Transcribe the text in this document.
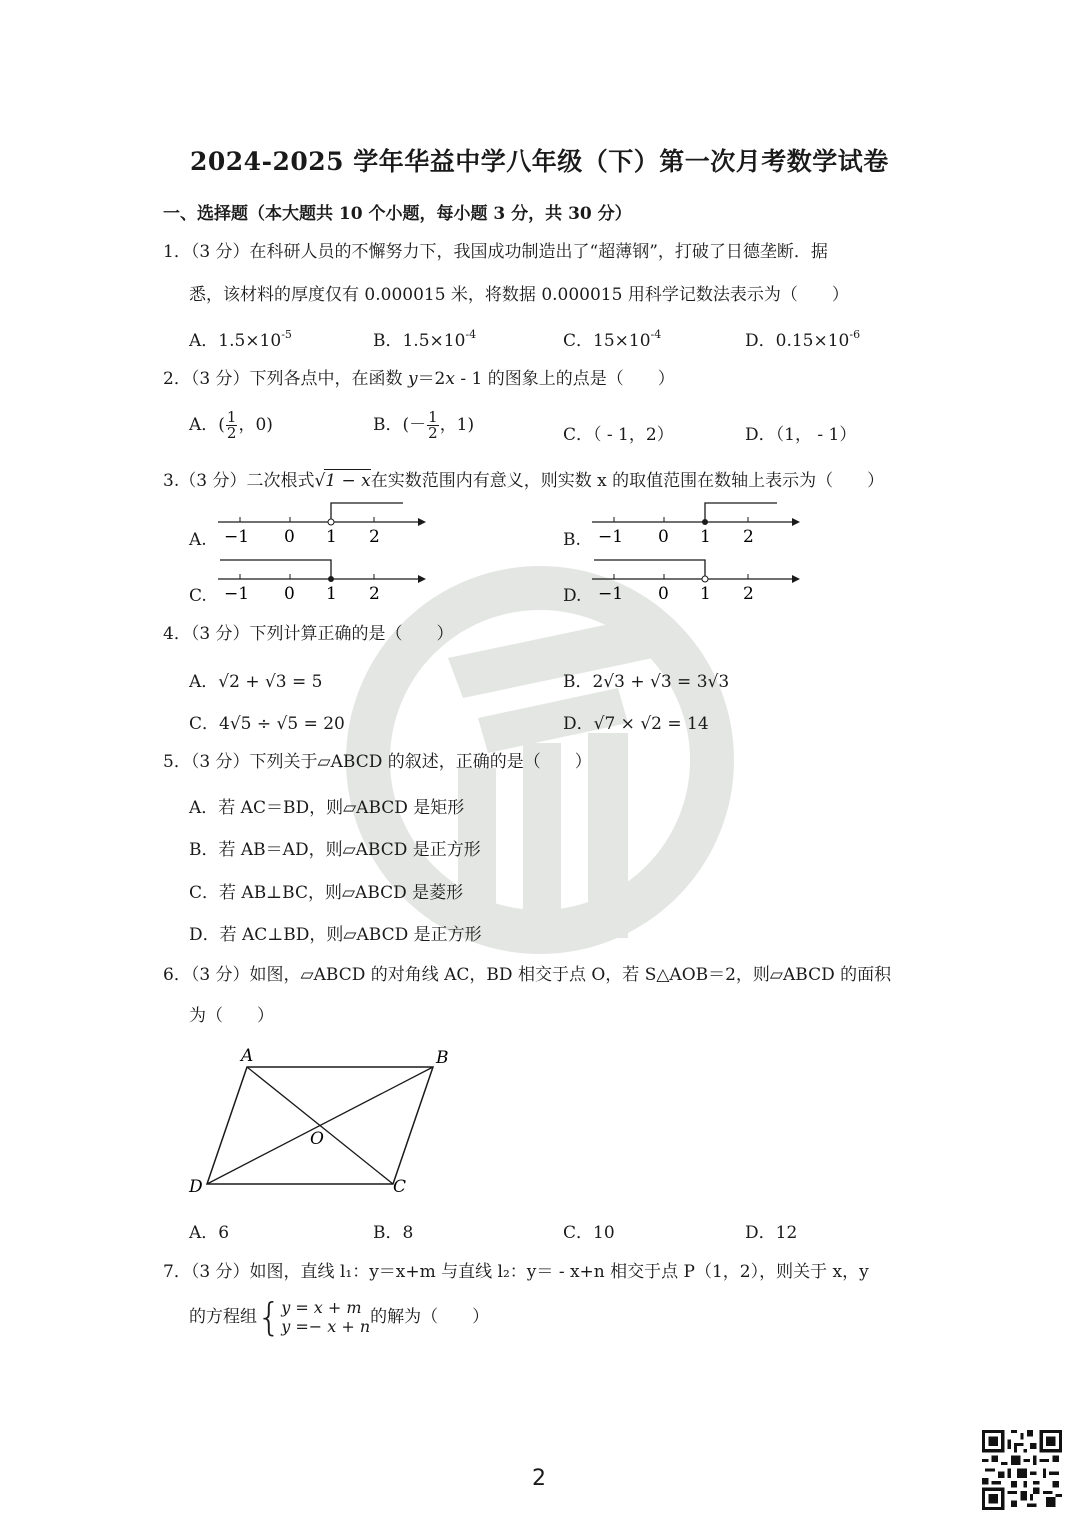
2024-2025 学年华益中学八年级（下）第一次月考数学试卷
一、选择题（本大题共 10 个小题，每小题 3 分，共 30 分）
1．（3 分）在科研人员的不懈努力下，我国成功制造出了“超薄钢”，打破了日德垄断．据
悉，该材料的厚度仅有 0.000015 米，将数据 0.000015 用科学记数法表示为（　　）
A．$1.5\times 10^{-5}$	B．$1.5\times 10^{-4}$	C．$15\times 10^{-4}$	D．$0.15\times 10^{-6}$
2．（3 分）下列各点中，在函数 y＝2x - 1 的图象上的点是（　　）
A．( $\frac{1}{2}$ ，0)	B．(－ $\frac{1}{2}$ ，1)	C．（ - 1，2）	D．（1， - 1）
3.（3 分）二次根式√1 − x在实数范围内有意义，则实数 x 的取值范围在数轴上表示为（　　）
A. −1 0 1 2	B. −1 0 1 2
C. −1 0 1 2	D. −1 0 1 2
4．（3 分）下列计算正确的是（　　）
A．√2 + √3 = 5	B．2√3 + √3 = 3√3
C．4√5 ÷ √5 = 20	D．√7 × √2 = 14
5．（3 分）下列关于▱ABCD 的叙述，正确的是（　　）
A．若 AC＝BD，则▱ABCD 是矩形
B．若 AB＝AD，则▱ABCD 是正方形
C．若 AB⊥BC，则▱ABCD 是菱形
D．若 AC⊥BD，则▱ABCD 是正方形
6．（3 分）如图，▱ABCD 的对角线 AC，BD 相交于点 O，若 S△AOB＝2，则▱ABCD 的面积
为（　　）
A	B
C
D
O
A．6	B．8	C．10	D．12
7．（3 分）如图，直线 l₁：y＝x+m 与直线 l₂：y＝ - x+n 相交于点 P（1，2），则关于 x，y
的方程组{ y = x + m
y =− x + n 的解为（　　）
2
